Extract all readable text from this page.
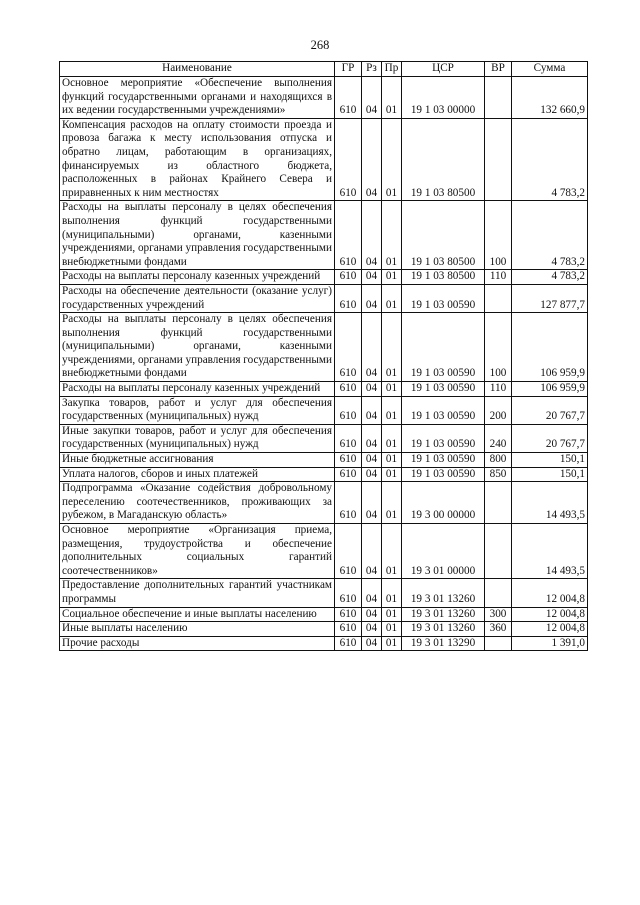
268
Наименование	ГР	Рз	Пр	ЦСР	ВР	Сумма
Основное мероприятие «Обеспечение выполнения функций государственными органами и находящихся в их ведении государственными учреждениями»	610	04	01	19 1 03 00000		132 660,9
Компенсация расходов на оплату стоимости проезда и провоза багажа к месту использования отпуска и обратно лицам, работающим в организациях, финансируемых из областного бюджета, расположенных в районах Крайнего Севера и приравненных к ним местностях	610	04	01	19 1 03 80500		4 783,2
Расходы на выплаты персоналу в целях обеспечения выполнения функций государственными (муниципальными) органами, казенными учреждениями, органами управления государственными внебюджетными фондами	610	04	01	19 1 03 80500	100	4 783,2
Расходы на выплаты персоналу казенных учреждений	610	04	01	19 1 03 80500	110	4 783,2
Расходы на обеспечение деятельности (оказание услуг) государственных учреждений	610	04	01	19 1 03 00590		127 877,7
Расходы на выплаты персоналу в целях обеспечения выполнения функций государственными (муниципальными) органами, казенными учреждениями, органами управления государственными внебюджетными фондами	610	04	01	19 1 03 00590	100	106 959,9
Расходы на выплаты персоналу казенных учреждений	610	04	01	19 1 03 00590	110	106 959,9
Закупка товаров, работ и услуг для обеспечения государственных (муниципальных) нужд	610	04	01	19 1 03 00590	200	20 767,7
Иные закупки товаров, работ и услуг для обеспечения государственных (муниципальных) нужд	610	04	01	19 1 03 00590	240	20 767,7
Иные бюджетные ассигнования	610	04	01	19 1 03 00590	800	150,1
Уплата налогов, сборов и иных платежей	610	04	01	19 1 03 00590	850	150,1
Подпрограмма «Оказание содействия добровольному переселению соотечественников, проживающих за рубежом, в Магаданскую область»	610	04	01	19 3 00 00000		14 493,5
Основное мероприятие «Организация приема, размещения, трудоустройства и обеспечение дополнительных социальных гарантий соотечественников»	610	04	01	19 3 01 00000		14 493,5
Предоставление дополнительных гарантий участникам программы	610	04	01	19 3 01 13260		12 004,8
Социальное обеспечение и иные выплаты населению	610	04	01	19 3 01 13260	300	12 004,8
Иные выплаты населению	610	04	01	19 3 01 13260	360	12 004,8
Прочие расходы	610	04	01	19 3 01 13290		1 391,0
